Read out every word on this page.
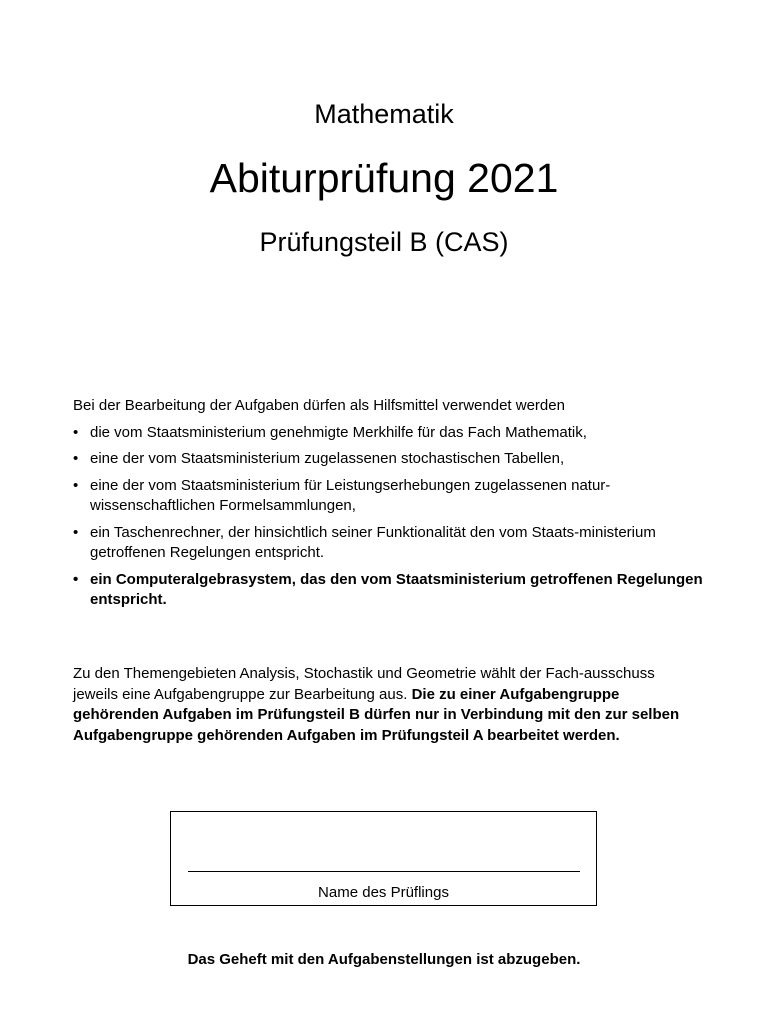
Mathematik
Abiturprüfung 2021
Prüfungsteil B (CAS)

Bei der Bearbeitung der Aufgaben dürfen als Hilfsmittel verwendet werden

• die vom Staatsministerium genehmigte Merkhilfe für das Fach Mathematik,
• eine der vom Staatsministerium zugelassenen stochastischen Tabellen,
• eine der vom Staatsministerium für Leistungserhebungen zugelassenen natur-wissenschaftlichen Formelsammlungen,
• ein Taschenrechner, der hinsichtlich seiner Funktionalität den vom Staats-ministerium getroffenen Regelungen entspricht.
• ein Computeralgebrasystem, das den vom Staatsministerium getroffenen Regelungen entspricht.
Zu den Themengebieten Analysis, Stochastik und Geometrie wählt der Fach-ausschuss jeweils eine Aufgabengruppe zur Bearbeitung aus. Die zu einer Aufgabengruppe gehörenden Aufgaben im Prüfungsteil B dürfen nur in Verbindung mit den zur selben Aufgabengruppe gehörenden Aufgaben im Prüfungsteil A bearbeitet werden.
Name des Prüflings
Das Geheft mit den Aufgabenstellungen ist abzugeben.
